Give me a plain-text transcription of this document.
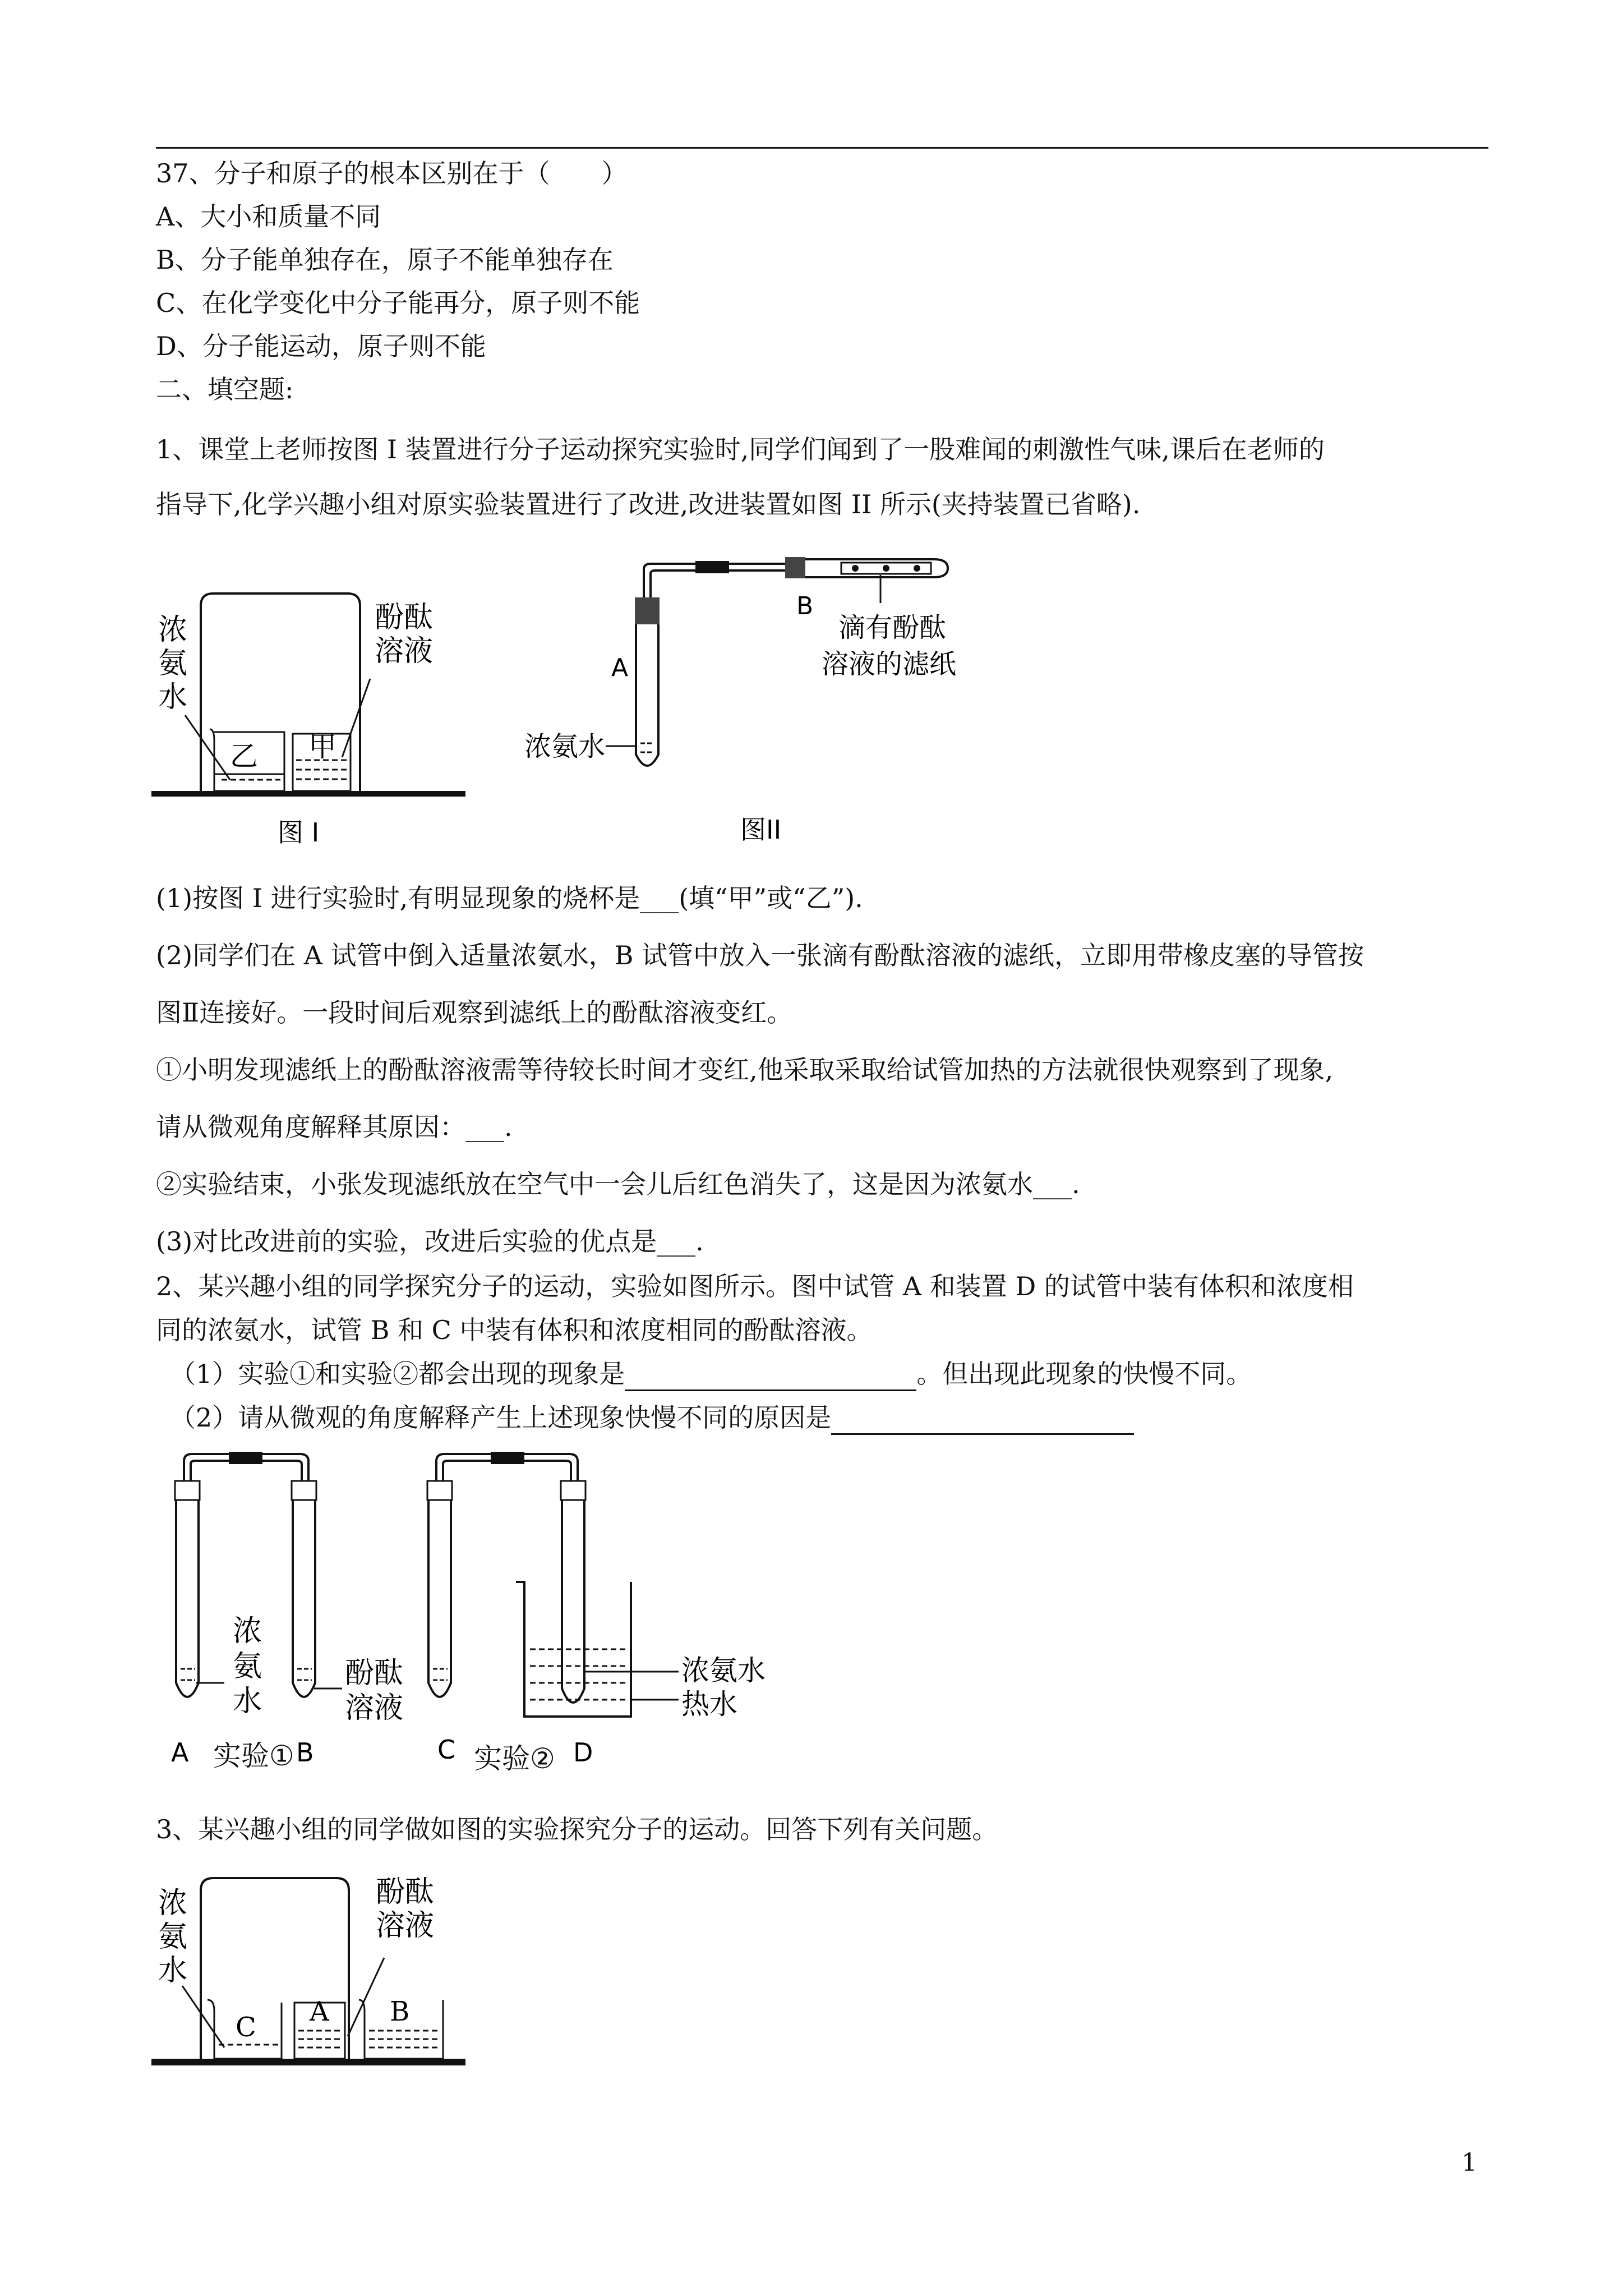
37、分子和原子的根本区别在于（　　）

A、大小和质量不同

B、分子能单独存在，原子不能单独存在

C、在化学变化中分子能再分，原子则不能

D、分子能运动，原子则不能

二、填空题:

1、课堂上老师按图 I 装置进行分子运动探究实验时,同学们闻到了一股难闻的刺激性气味,课后在老师的

指导下,化学兴趣小组对原实验装置进行了改进,改进装置如图 II 所示(夹持装置已省略).

浓
氨
水
酚酞
溶液
乙 甲
图 I
B
A
滴有酚酞
溶液的滤纸
浓氨水
图II

(1)按图 I 进行实验时,有明显现象的烧杯是___(填“甲”或“乙”).

(2)同学们在 A 试管中倒入适量浓氨水，B 试管中放入一张滴有酚酞溶液的滤纸，立即用带橡皮塞的导管按

图Ⅱ连接好。一段时间后观察到滤纸上的酚酞溶液变红。

①小明发现滤纸上的酚酞溶液需等待较长时间才变红,他采取采取给试管加热的方法就很快观察到了现象,

请从微观角度解释其原因：___.

②实验结束，小张发现滤纸放在空气中一会儿后红色消失了，这是因为浓氨水___.

(3)对比改进前的实验，改进后实验的优点是___.

2、某兴趣小组的同学探究分子的运动，实验如图所示。图中试管 A 和装置 D 的试管中装有体积和浓度相

同的浓氨水，试管 B 和 C 中装有体积和浓度相同的酚酞溶液。

（1）实验①和实验②都会出现的现象是	。但出现此现象的快慢不同。

（2）请从微观的角度解释产生上述现象快慢不同的原因是

浓
氨
水
酚酞
溶液
浓氨水
热水
A	B	C	D
实验①	实验②

3、某兴趣小组的同学做如图的实验探究分子的运动。回答下列有关问题。

浓
氨
水
酚酞
溶液
C A B
1
